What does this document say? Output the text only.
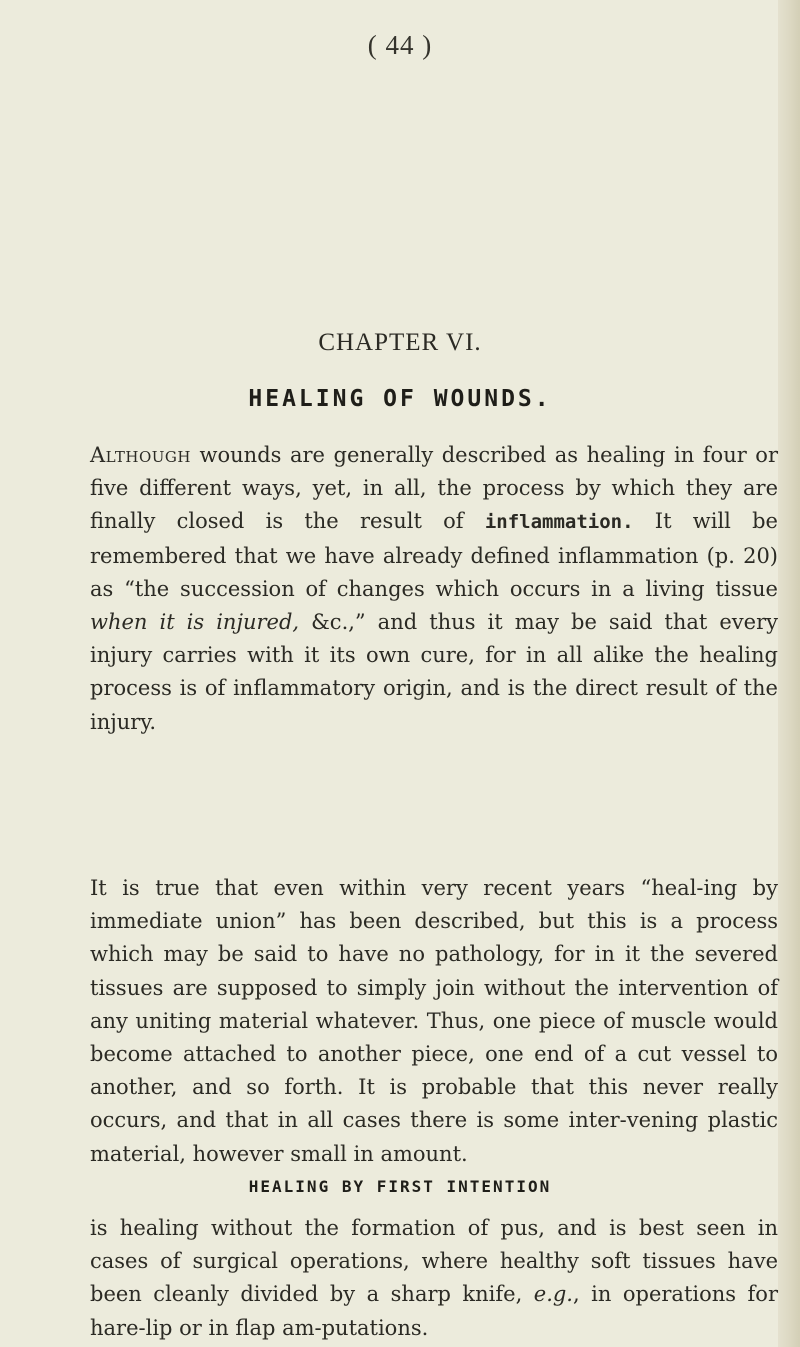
( 44 )
CHAPTER VI.
HEALING OF WOUNDS.
Although wounds are generally described as healing in four or five different ways, yet, in all, the process by which they are finally closed is the result of inflammation. It will be remembered that we have already defined inflammation (p. 20) as “the succession of changes which occurs in a living tissue when it is injured, &c.,” and thus it may be said that every injury carries with it its own cure, for in all alike the healing process is of inflammatory origin, and is the direct result of the injury.
It is true that even within very recent years “heal-ing by immediate union” has been described, but this is a process which may be said to have no pathology, for in it the severed tissues are supposed to simply join without the intervention of any uniting material whatever. Thus, one piece of muscle would become attached to another piece, one end of a cut vessel to another, and so forth. It is probable that this never really occurs, and that in all cases there is some inter-vening plastic material, however small in amount.
HEALING BY FIRST INTENTION
is healing without the formation of pus, and is best seen in cases of surgical operations, where healthy soft tissues have been cleanly divided by a sharp knife, e.g., in operations for hare-lip or in flap am-putations.
